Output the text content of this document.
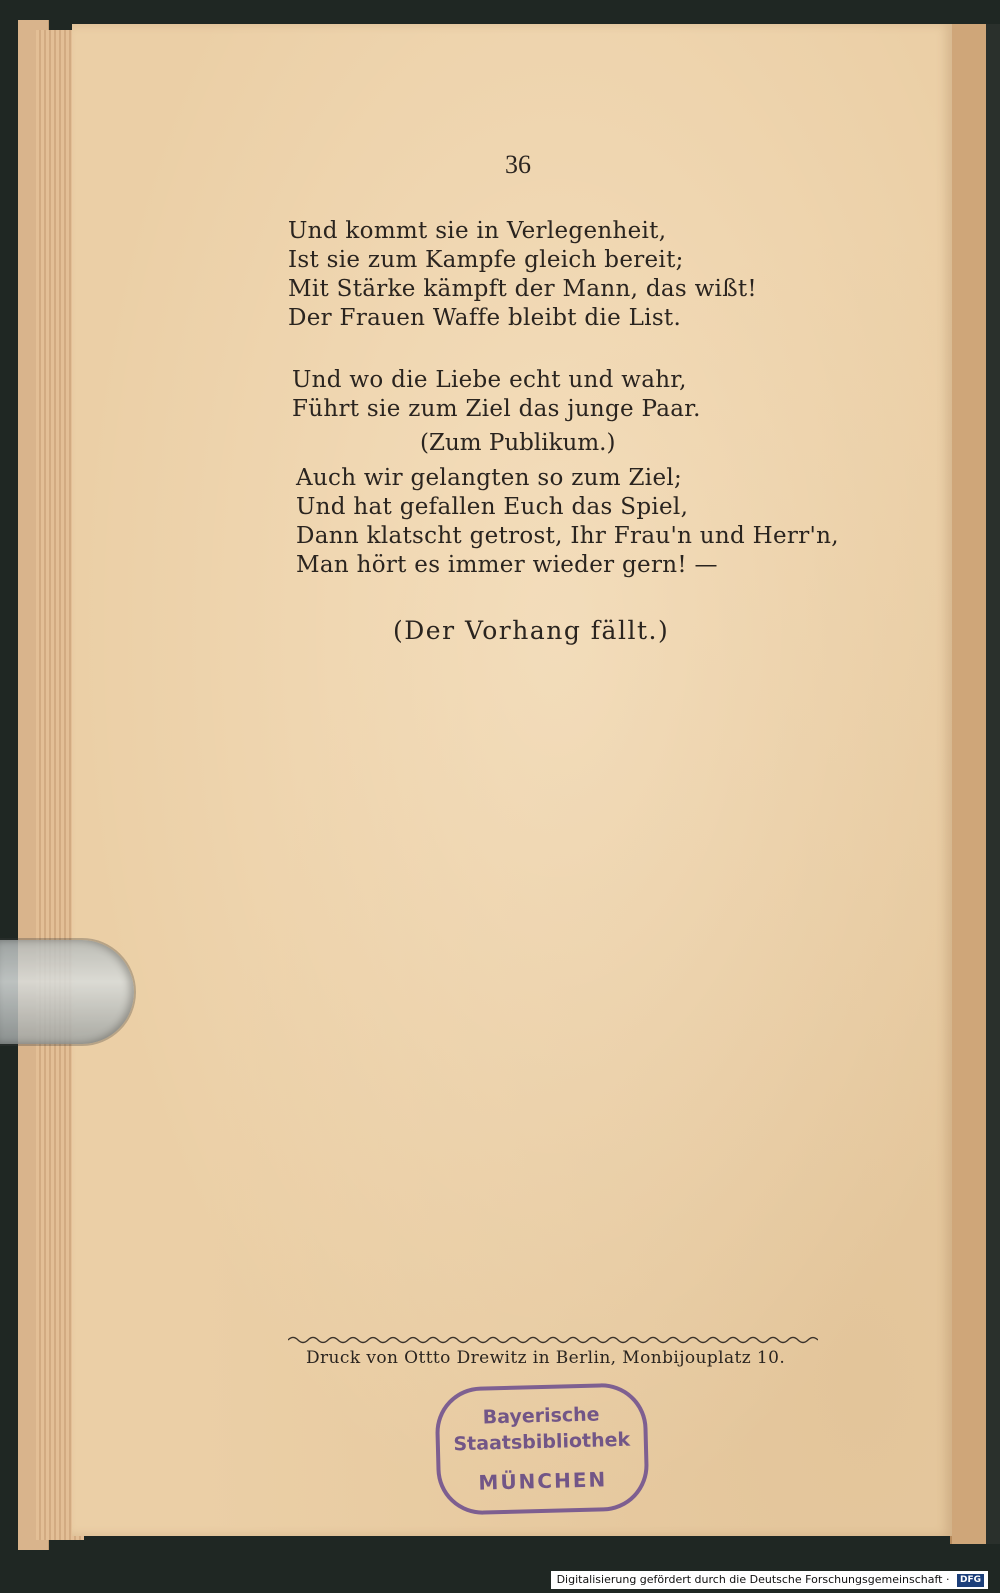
36

Und kommt sie in Verlegenheit,
Ist sie zum Kampfe gleich bereit;
Mit Stärke kämpft der Mann, das wißt!
Der Frauen Waffe bleibt die List.

Und wo die Liebe echt und wahr,
Führt sie zum Ziel das junge Paar.

(Zum Publikum.)

Auch wir gelangten so zum Ziel;
Und hat gefallen Euch das Spiel,
Dann klatscht getrost, Ihr Frau'n und Herr'n,
Man hört es immer wieder gern! —

(Der Vorhang fällt.)
Druck von Ottto Drewitz in Berlin, Monbijouplatz 10.
Bayerische
Staatsbibliothek
MÜNCHEN
Digitalisierung gefördert durch die Deutsche Forschungsgemeinschaft · DFG
